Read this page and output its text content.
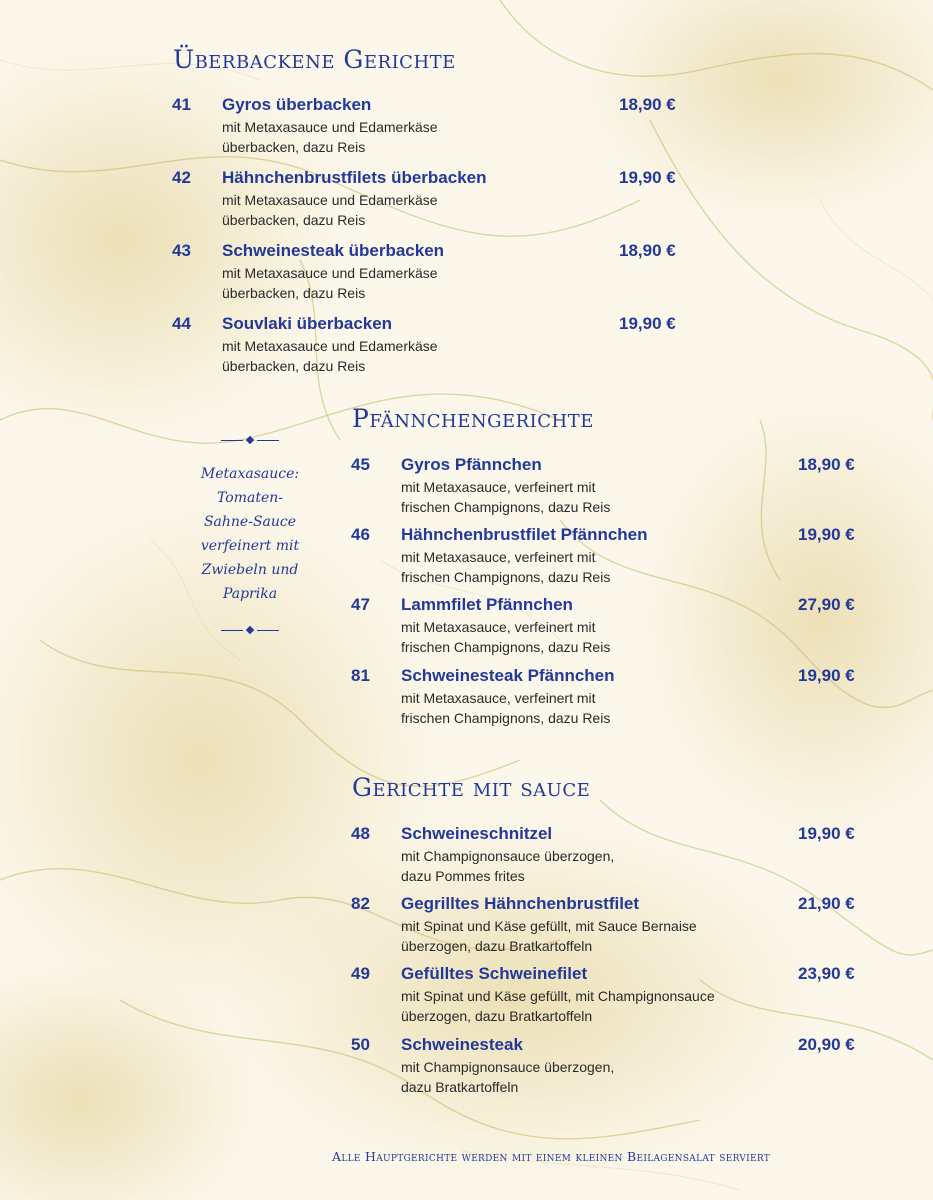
Überbackene Gerichte
41 Gyros überbacken	18,90 €
mit Metaxasauce und Edamerkäse
überbacken, dazu Reis
42 Hähnchenbrustfilets überbacken	19,90 €
mit Metaxasauce und Edamerkäse
überbacken, dazu Reis
43 Schweinesteak überbacken	18,90 €
mit Metaxasauce und Edamerkäse
überbacken, dazu Reis
44 Souvlaki überbacken	19,90 €
mit Metaxasauce und Edamerkäse
überbacken, dazu Reis
Metaxasauce:
Tomaten-
Sahne-Sauce
verfeinert mit
Zwiebeln und
Paprika
Pfännchengerichte
45 Gyros Pfännchen	18,90 €
mit Metaxasauce, verfeinert mit
frischen Champignons, dazu Reis
46 Hähnchenbrustfilet Pfännchen	19,90 €
mit Metaxasauce, verfeinert mit
frischen Champignons, dazu Reis
47 Lammfilet Pfännchen	27,90 €
mit Metaxasauce, verfeinert mit
frischen Champignons, dazu Reis
81 Schweinesteak Pfännchen	19,90 €
mit Metaxasauce, verfeinert mit
frischen Champignons, dazu Reis
Gerichte mit sauce
48 Schweineschnitzel	19,90 €
mit Champignonsauce überzogen,
dazu Pommes frites
82 Gegrilltes Hähnchenbrustfilet	21,90 €
mit Spinat und Käse gefüllt, mit Sauce Bernaise
überzogen, dazu Bratkartoffeln
49 Gefülltes Schweinefilet	23,90 €
mit Spinat und Käse gefüllt, mit Champignonsauce
überzogen, dazu Bratkartoffeln
50 Schweinesteak	20,90 €
mit Champignonsauce überzogen,
dazu Bratkartoffeln

Alle Hauptgerichte werden mit einem kleinen Beilagensalat serviert
